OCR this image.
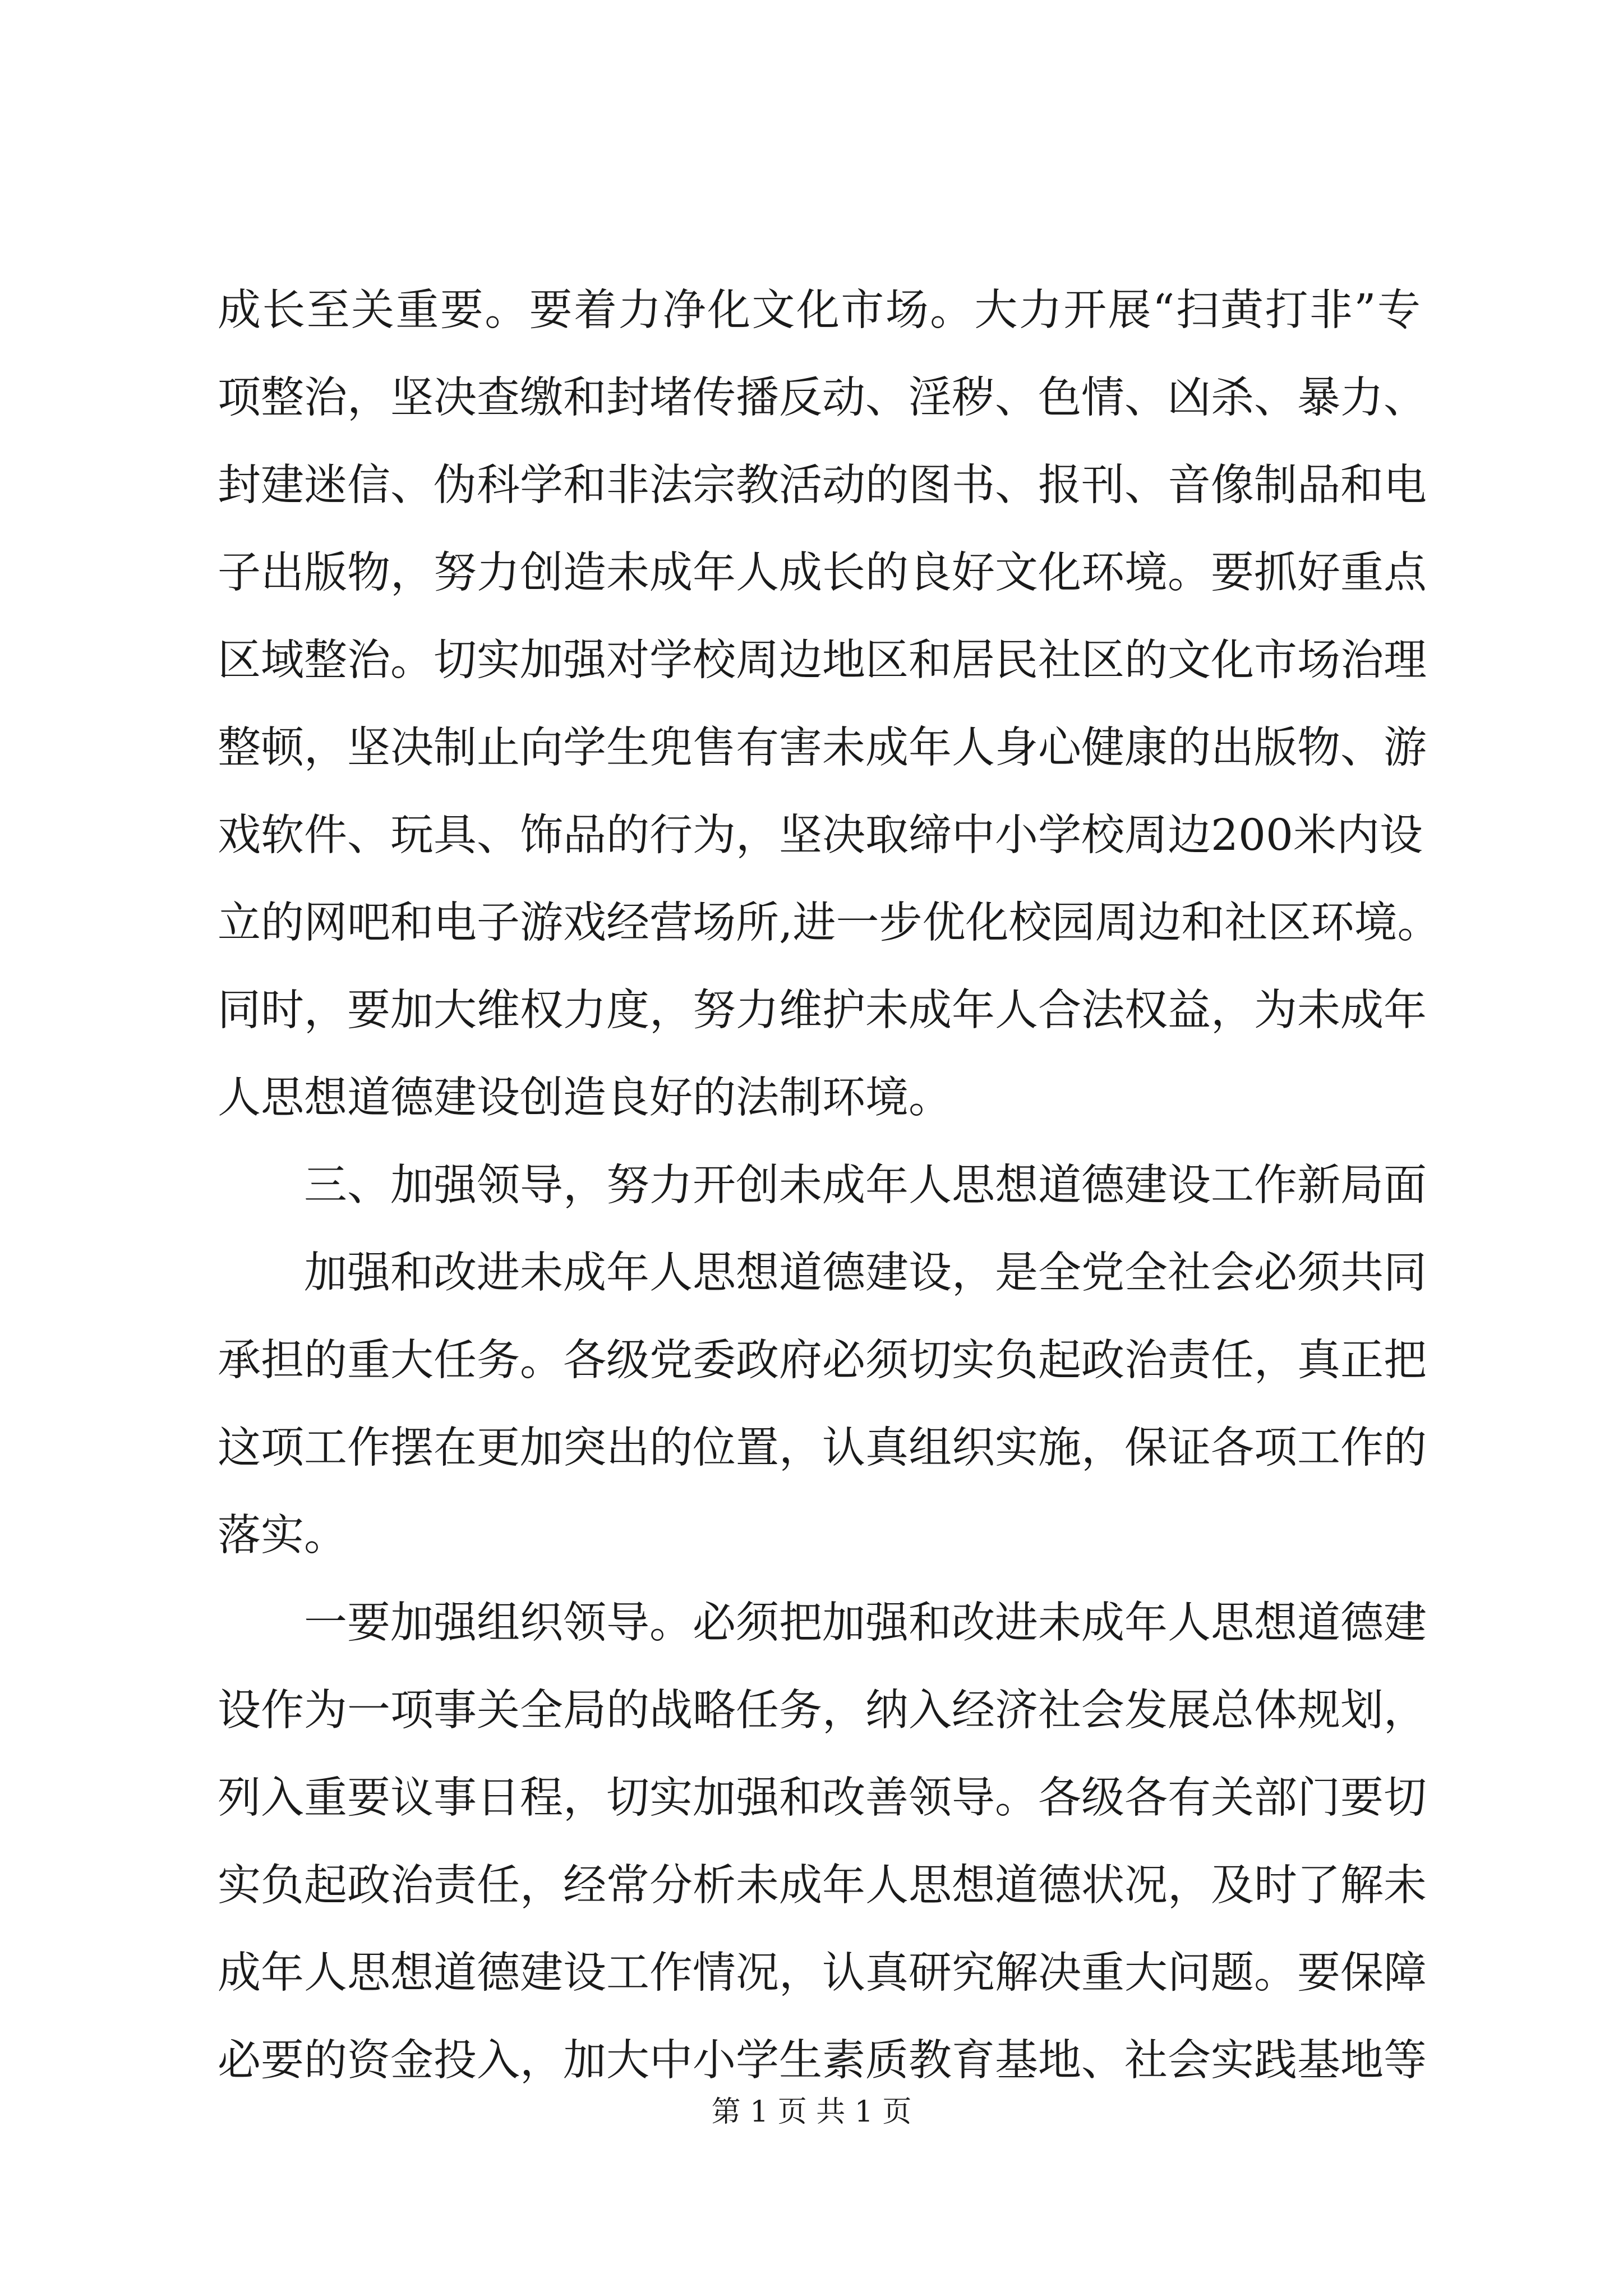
成长至关重要。要着力净化文化市场。大力开展“扫黄打非”专
项整治，坚决查缴和封堵传播反动、淫秽、色情、凶杀、暴力、
封建迷信、伪科学和非法宗教活动的图书、报刊、音像制品和电
子出版物，努力创造未成年人成长的良好文化环境。要抓好重点
区域整治。切实加强对学校周边地区和居民社区的文化市场治理
整顿，坚决制止向学生兜售有害未成年人身心健康的出版物、游
戏软件、玩具、饰品的行为，坚决取缔中小学校周边200米内设
立的网吧和电子游戏经营场所,进一步优化校园周边和社区环境。
同时，要加大维权力度，努力维护未成年人合法权益，为未成年
人思想道德建设创造良好的法制环境。
三、加强领导，努力开创未成年人思想道德建设工作新局面
加强和改进未成年人思想道德建设，是全党全社会必须共同
承担的重大任务。各级党委政府必须切实负起政治责任，真正把
这项工作摆在更加突出的位置，认真组织实施，保证各项工作的
落实。
一要加强组织领导。必须把加强和改进未成年人思想道德建
设作为一项事关全局的战略任务，纳入经济社会发展总体规划，
列入重要议事日程，切实加强和改善领导。各级各有关部门要切
实负起政治责任，经常分析未成年人思想道德状况，及时了解未
成年人思想道德建设工作情况，认真研究解决重大问题。要保障
必要的资金投入，加大中小学生素质教育基地、社会实践基地等
第 1 页 共 1 页
